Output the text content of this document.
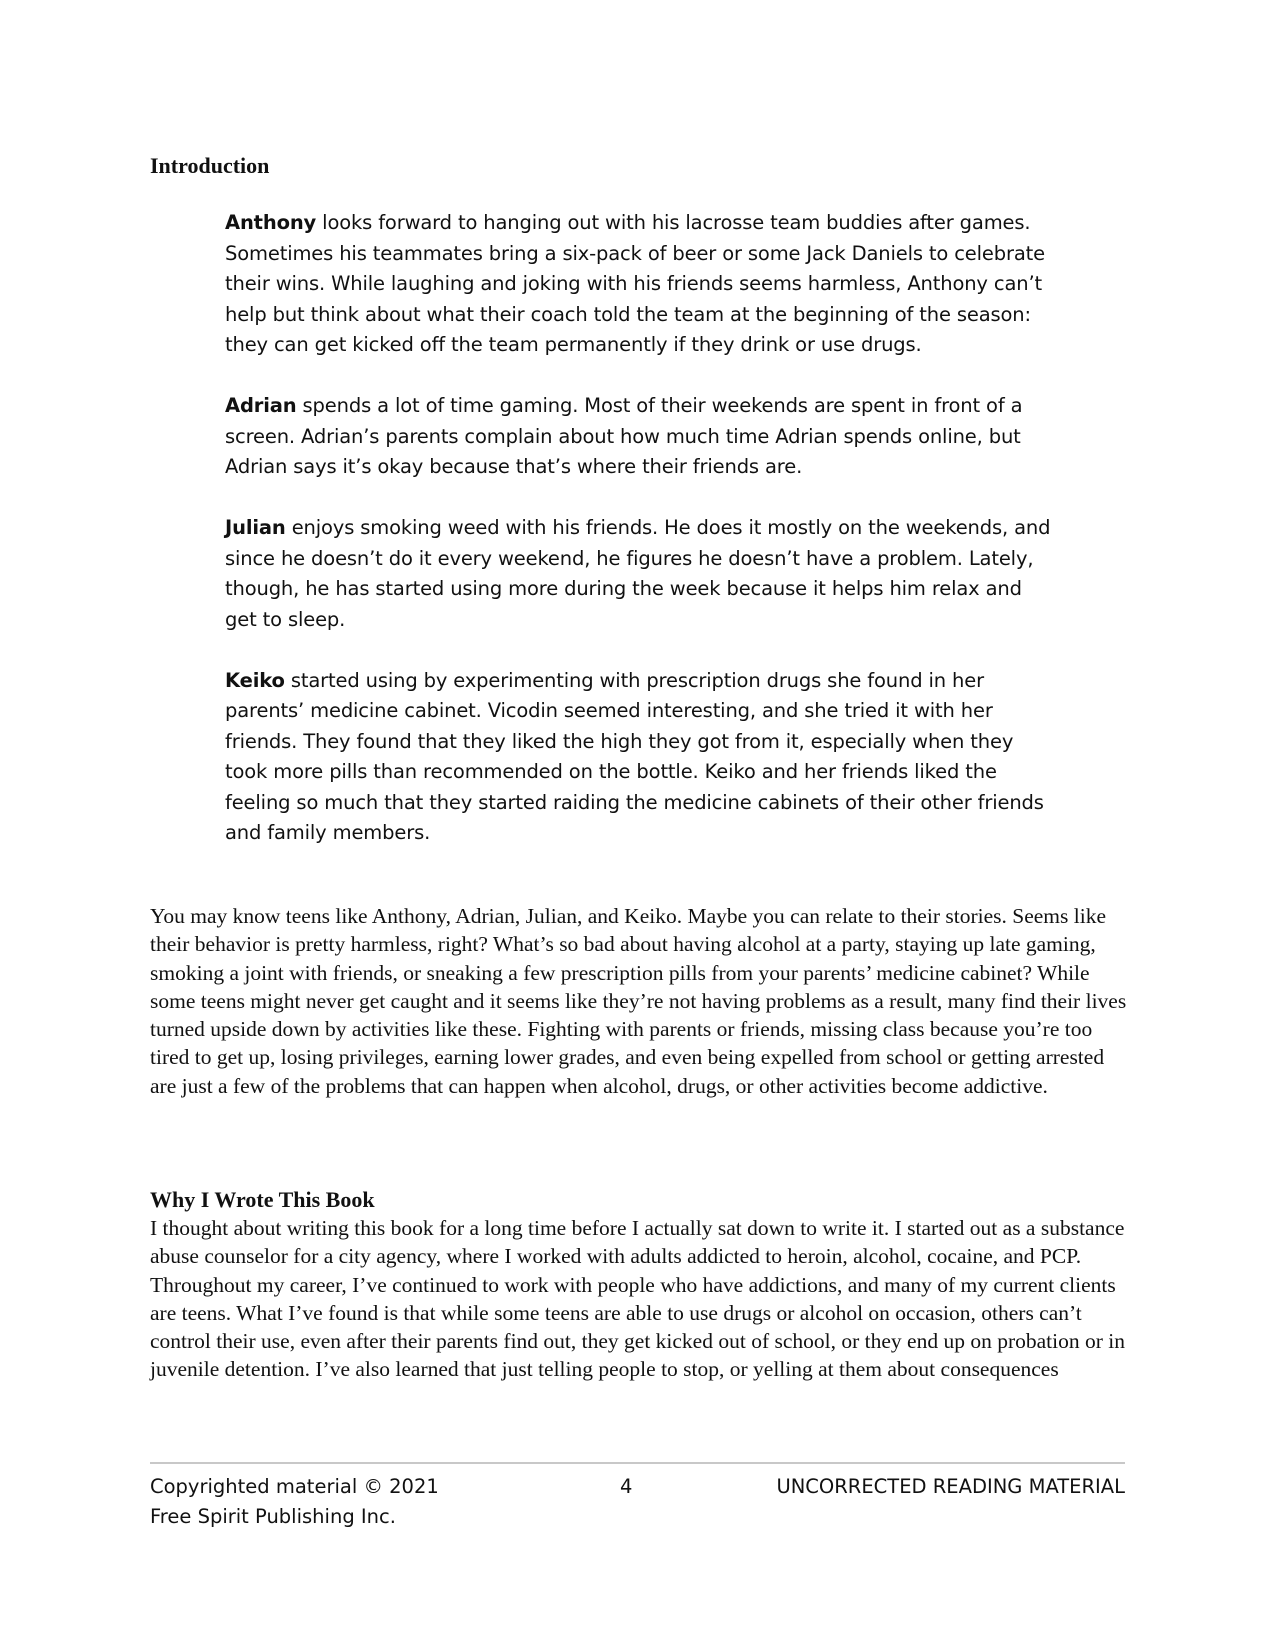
Introduction

Anthony looks forward to hanging out with his lacrosse team buddies after games. Sometimes his teammates bring a six-pack of beer or some Jack Daniels to celebrate their wins. While laughing and joking with his friends seems harmless, Anthony can’t help but think about what their coach told the team at the beginning of the season: they can get kicked off the team permanently if they drink or use drugs.

Adrian spends a lot of time gaming. Most of their weekends are spent in front of a screen. Adrian’s parents complain about how much time Adrian spends online, but Adrian says it’s okay because that’s where their friends are.

Julian enjoys smoking weed with his friends. He does it mostly on the weekends, and since he doesn’t do it every weekend, he figures he doesn’t have a problem. Lately, though, he has started using more during the week because it helps him relax and get to sleep.

Keiko started using by experimenting with prescription drugs she found in her parents’ medicine cabinet. Vicodin seemed interesting, and she tried it with her friends. They found that they liked the high they got from it, especially when they took more pills than recommended on the bottle. Keiko and her friends liked the feeling so much that they started raiding the medicine cabinets of their other friends and family members.

You may know teens like Anthony, Adrian, Julian, and Keiko. Maybe you can relate to their stories. Seems like their behavior is pretty harmless, right? What’s so bad about having alcohol at a party, staying up late gaming, smoking a joint with friends, or sneaking a few prescription pills from your parents’ medicine cabinet? While some teens might never get caught and it seems like they’re not having problems as a result, many find their lives turned upside down by activities like these. Fighting with parents or friends, missing class because you’re too tired to get up, losing privileges, earning lower grades, and even being expelled from school or getting arrested are just a few of the problems that can happen when alcohol, drugs, or other activities become addictive.

Why I Wrote This Book

I thought about writing this book for a long time before I actually sat down to write it. I started out as a substance abuse counselor for a city agency, where I worked with adults addicted to heroin, alcohol, cocaine, and PCP. Throughout my career, I’ve continued to work with people who have addictions, and many of my current clients are teens. What I’ve found is that while some teens are able to use drugs or alcohol on occasion, others can’t control their use, even after their parents find out, they get kicked out of school, or they end up on probation or in juvenile detention. I’ve also learned that just telling people to stop, or yelling at them about consequences

Copyrighted material © 2021
Free Spirit Publishing Inc.
4	UNCORRECTED READING MATERIAL
